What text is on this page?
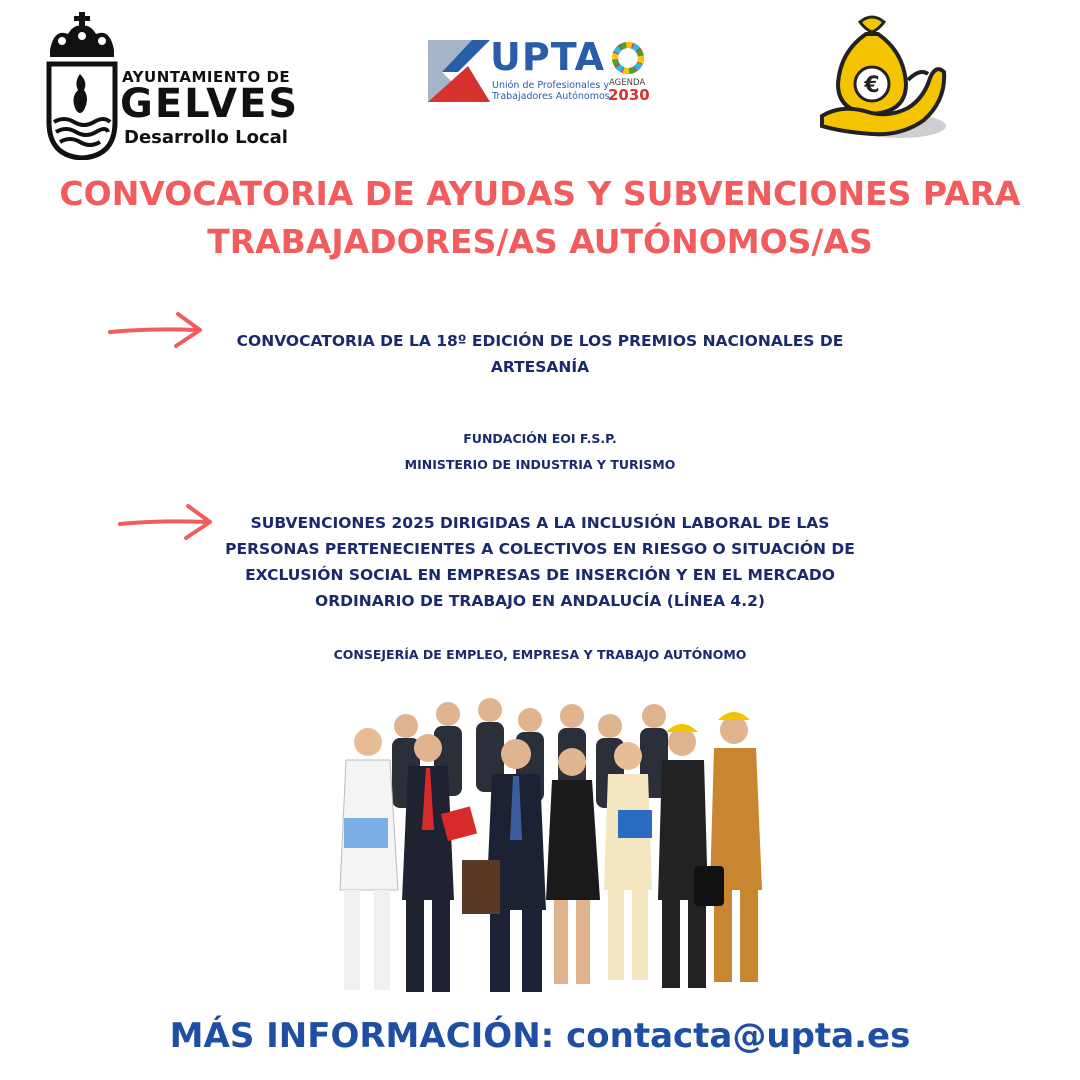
AYUNTAMIENTO DE
GELVES
Desarrollo Local
UPTA
Unión de Profesionales y
Trabajadores Autónomos
AGENDA
2030	€
CONVOCATORIA DE AYUDAS Y SUBVENCIONES PARA
TRABAJADORES/AS AUTÓNOMOS/AS
CONVOCATORIA DE LA 18º EDICIÓN DE LOS PREMIOS NACIONALES DE
ARTESANÍA
FUNDACIÓN EOI F.S.P.
MINISTERIO DE INDUSTRIA Y TURISMO
SUBVENCIONES 2025 DIRIGIDAS A LA INCLUSIÓN LABORAL DE LAS
PERSONAS PERTENECIENTES A COLECTIVOS EN RIESGO O SITUACIÓN DE
EXCLUSIÓN SOCIAL EN EMPRESAS DE INSERCIÓN Y EN EL MERCADO
ORDINARIO DE TRABAJO EN ANDALUCÍA (LÍNEA 4.2)
CONSEJERÍA DE EMPLEO, EMPRESA Y TRABAJO AUTÓNOMO
MÁS INFORMACIÓN: contacta@upta.es
